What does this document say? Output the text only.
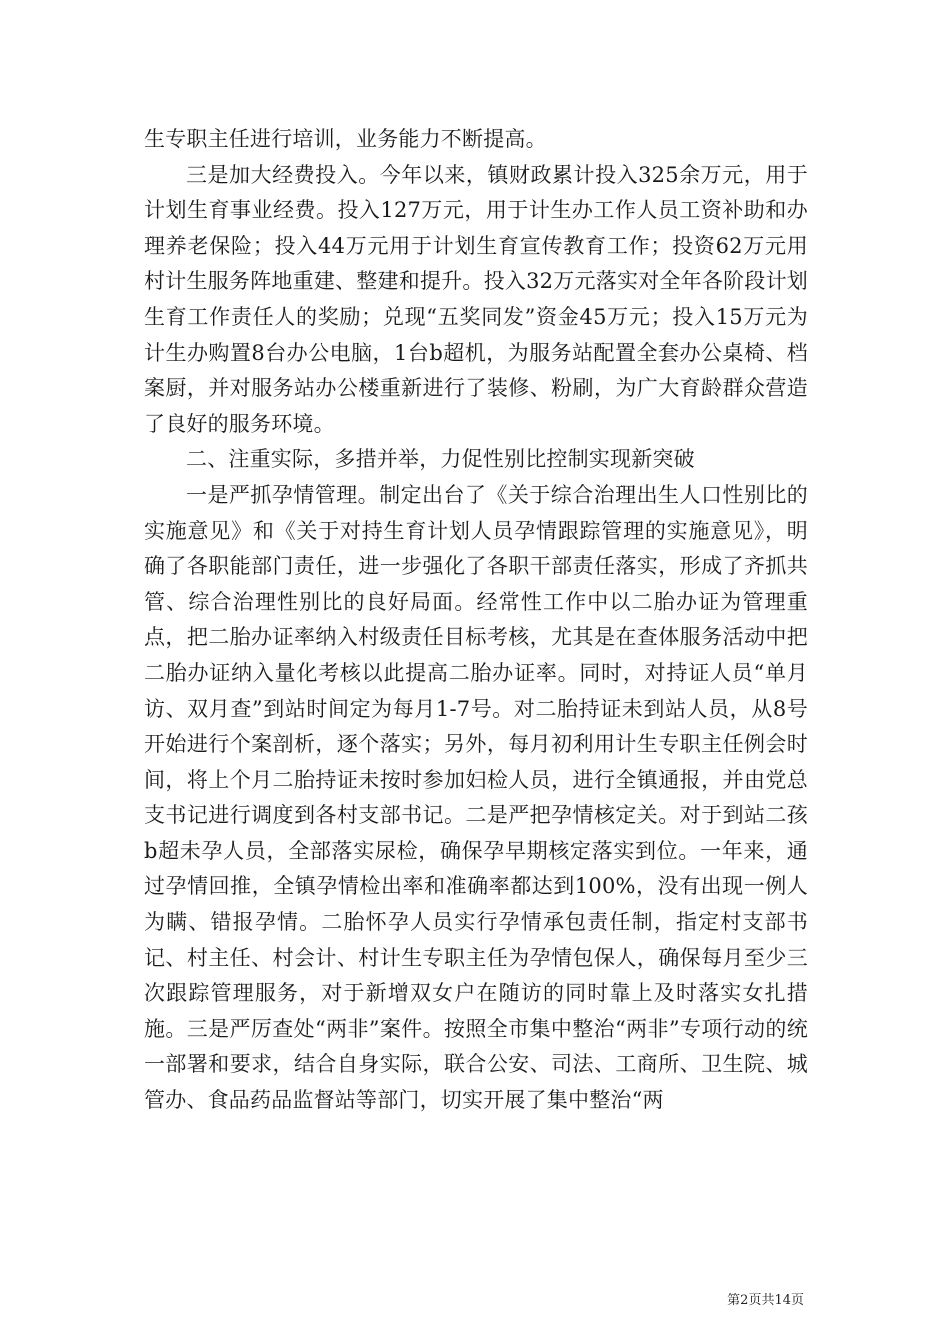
生专职主任进行培训，业务能力不断提高。

三是加大经费投入。今年以来，镇财政累计投入325余万元，用于计划生育事业经费。投入127万元，用于计生办工作人员工资补助和办理养老保险；投入44万元用于计划生育宣传教育工作；投资62万元用村计生服务阵地重建、整建和提升。投入32万元落实对全年各阶段计划生育工作责任人的奖励；兑现“五奖同发”资金45万元；投入15万元为计生办购置8台办公电脑，1台b超机，为服务站配置全套办公桌椅、档案厨，并对服务站办公楼重新进行了装修、粉刷，为广大育龄群众营造了良好的服务环境。

二、注重实际，多措并举，力促性别比控制实现新突破

一是严抓孕情管理。制定出台了《关于综合治理出生人口性别比的实施意见》和《关于对持生育计划人员孕情跟踪管理的实施意见》，明确了各职能部门责任，进一步强化了各职干部责任落实，形成了齐抓共管、综合治理性别比的良好局面。经常性工作中以二胎办证为管理重点，把二胎办证率纳入村级责任目标考核，尤其是在查体服务活动中把二胎办证纳入量化考核以此提高二胎办证率。同时，对持证人员“单月访、双月查”到站时间定为每月1-7号。对二胎持证未到站人员，从8号开始进行个案剖析，逐个落实；另外，每月初利用计生专职主任例会时间，将上个月二胎持证未按时参加妇检人员，进行全镇通报，并由党总支书记进行调度到各村支部书记。二是严把孕情核定关。对于到站二孩b超未孕人员，全部落实尿检，确保孕早期核定落实到位。一年来，通过孕情回推，全镇孕情检出率和准确率都达到100%，没有出现一例人为瞒、错报孕情。二胎怀孕人员实行孕情承包责任制，指定村支部书记、村主任、村会计、村计生专职主任为孕情包保人，确保每月至少三次跟踪管理服务，对于新增双女户在随访的同时靠上及时落实女扎措施。三是严厉查处“两非”案件。按照全市集中整治“两非”专项行动的统一部署和要求，结合自身实际，联合公安、司法、工商所、卫生院、城管办、食品药品监督站等部门，切实开展了集中整治“两

第2页共14页
